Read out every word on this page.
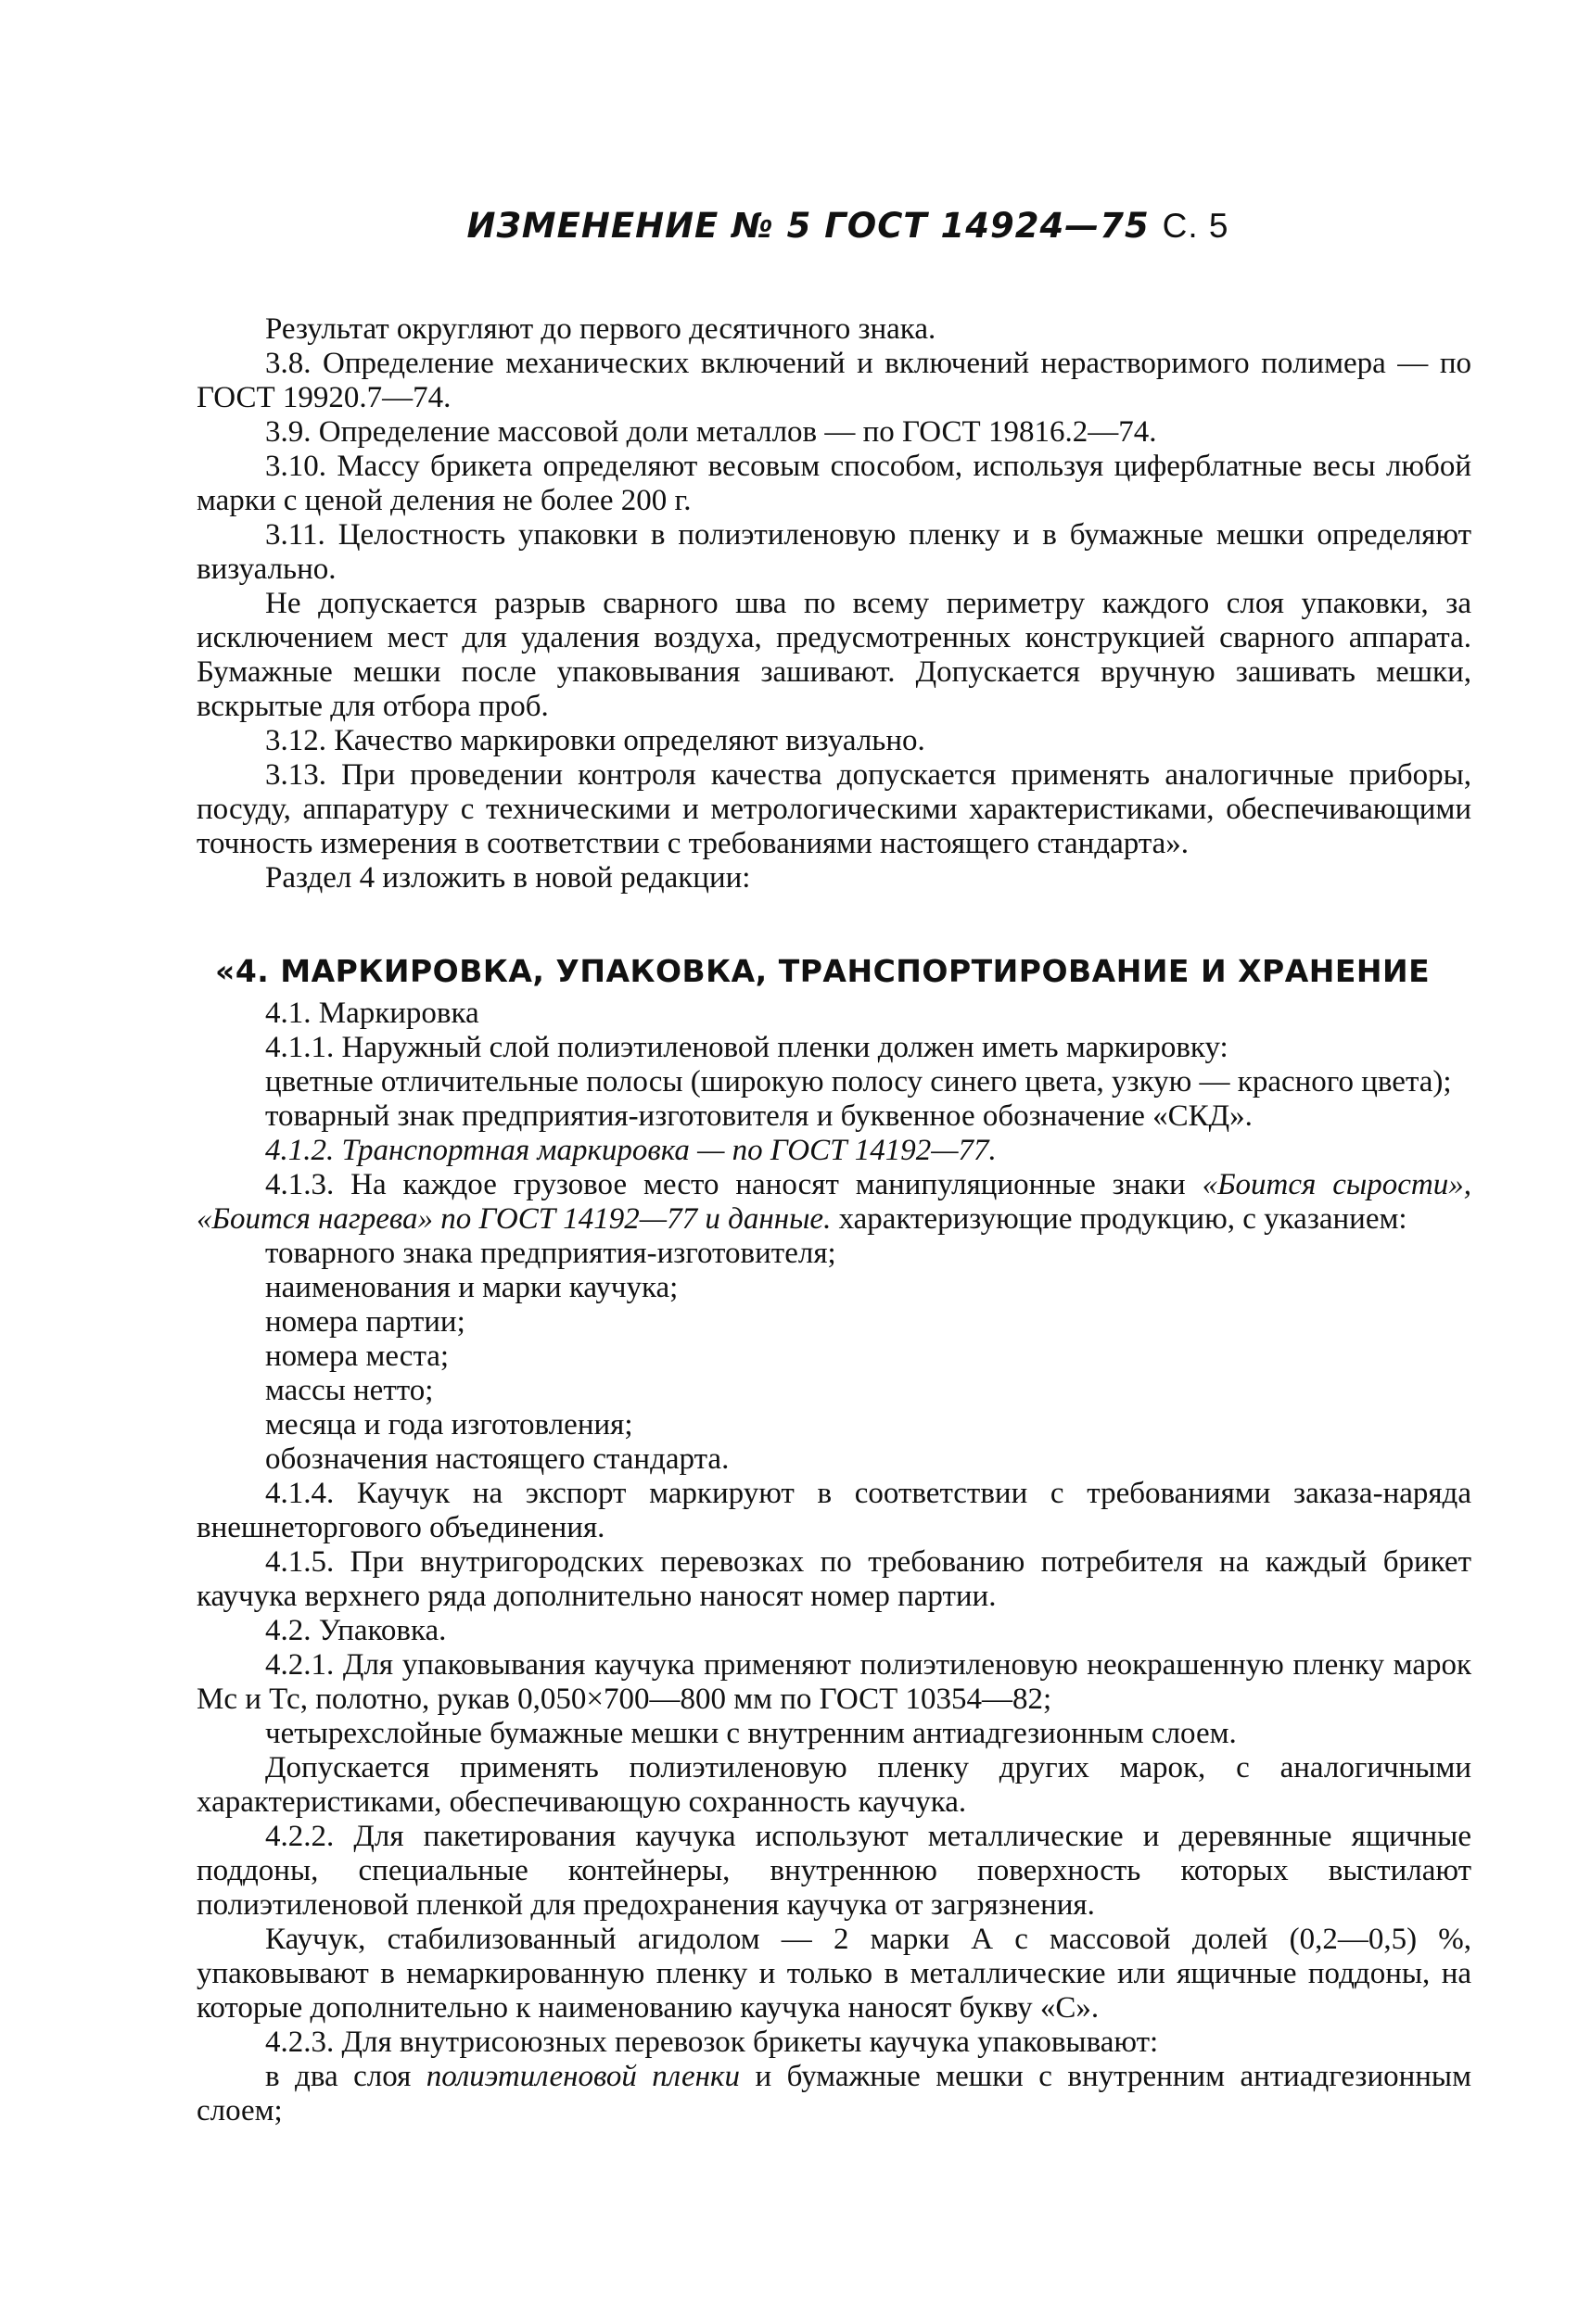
ИЗМЕНЕНИЕ № 5 ГОСТ 14924—75 С. 5

Результат округляют до первого десятичного знака.

3.8. Определение механических включений и включений нерастворимого полимера — по ГОСТ 19920.7—74.

3.9. Определение массовой доли металлов — по ГОСТ 19816.2—74.

3.10. Массу брикета определяют весовым способом, используя циферблатные весы любой марки с ценой деления не более 200 г.

3.11. Целостность упаковки в полиэтиленовую пленку и в бумажные мешки определяют визуально.

Не допускается разрыв сварного шва по всему периметру каждого слоя упаковки, за исключением мест для удаления воздуха, предусмотренных конструкцией сварного аппарата. Бумажные мешки после упаковывания зашивают. Допускается вручную зашивать мешки, вскрытые для отбора проб.

3.12. Качество маркировки определяют визуально.

3.13. При проведении контроля качества допускается применять аналогичные приборы, посуду, аппаратуру с техническими и метрологическими характеристиками, обеспечивающими точность измерения в соответствии с требованиями настоящего стандарта».

Раздел 4 изложить в новой редакции:

«4. МАРКИРОВКА, УПАКОВКА, ТРАНСПОРТИРОВАНИЕ И ХРАНЕНИЕ

4.1. Маркировка

4.1.1. Наружный слой полиэтиленовой пленки должен иметь маркировку:

цветные отличительные полосы (широкую полосу синего цвета, узкую — красного цвета);

товарный знак предприятия-изготовителя и буквенное обозначение «СКД».

4.1.2. Транспортная маркировка — по ГОСТ 14192—77.

4.1.3. На каждое грузовое место наносят манипуляционные знаки «Боится сырости», «Боится нагрева» по ГОСТ 14192—77 и данные. характеризующие продукцию, с указанием:

товарного знака предприятия-изготовителя;

наименования и марки каучука;

номера партии;

номера места;

массы нетто;

месяца и года изготовления;

обозначения настоящего стандарта.

4.1.4. Каучук на экспорт маркируют в соответствии с требованиями заказа-наряда внешнеторгового объединения.

4.1.5. При внутригородских перевозках по требованию потребителя на каждый брикет каучука верхнего ряда дополнительно наносят номер партии.

4.2. Упаковка.

4.2.1. Для упаковывания каучука применяют полиэтиленовую неокрашенную пленку марок Мс и Тс, полотно, рукав 0,050×700—800 мм по ГОСТ 10354—82;

четырехслойные бумажные мешки с внутренним антиадгезионным слоем.

Допускается применять полиэтиленовую пленку других марок, с аналогичными характеристиками, обеспечивающую сохранность каучука.

4.2.2. Для пакетирования каучука используют металлические и деревянные ящичные поддоны, специальные контейнеры, внутреннюю поверхность которых выстилают полиэтиленовой пленкой для предохранения каучука от загрязнения.

Каучук, стабилизованный агидолом — 2 марки А с массовой долей (0,2—0,5) %, упаковывают в немаркированную пленку и только в металлические или ящичные поддоны, на которые дополнительно к наименованию каучука наносят букву «С».

4.2.3. Для внутрисоюзных перевозок брикеты каучука упаковывают:

в два слоя полиэтиленовой пленки и бумажные мешки с внутренним антиадгезионным слоем;
